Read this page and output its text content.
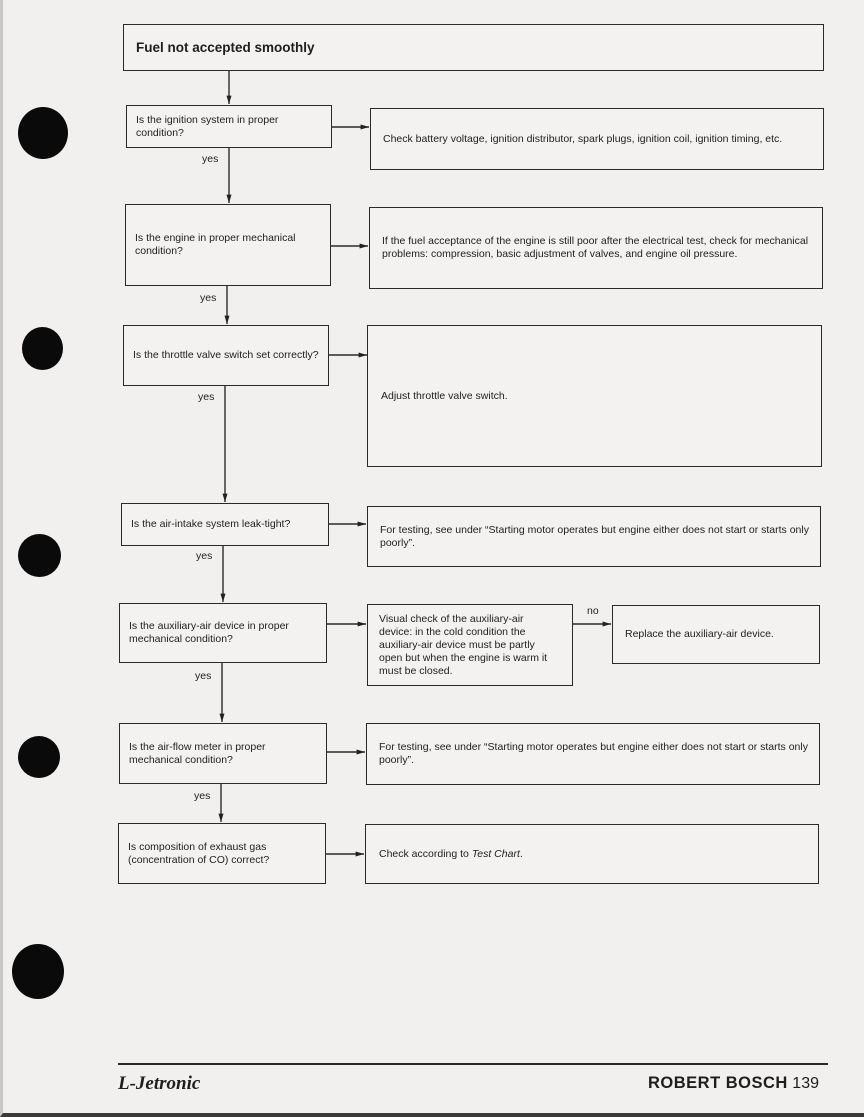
Fuel not accepted smoothly
Is the ignition system in proper condition?
Is the engine in proper mechanical condition?
Is the throttle valve switch set correctly?
Is the air-intake system leak-tight?
Is the auxiliary-air device in proper mechanical condition?
Is the air-flow meter in proper mechanical condition?
Is composition of exhaust gas (concentration of CO) correct?
Check battery voltage, ignition distributor, spark plugs, ignition coil, ignition timing, etc.
If the fuel acceptance of the engine is still poor after the electrical test, check for mechanical problems: compression, basic adjustment of valves, and engine oil pressure.
Adjust throttle valve switch.
For testing, see under “Starting motor operates but engine either does not start or starts only poorly”.
Visual check of the auxiliary-air device: in the cold condition the auxiliary-air device must be partly open but when the engine is warm it must be closed.
Replace the auxiliary-air device.
For testing, see under “Starting motor operates but engine either does not start or starts only poorly”.
Check according to Test Chart.
yes
yes
yes
yes
yes
yes
no
L-Jetronic	ROBERT BOSCH 139
